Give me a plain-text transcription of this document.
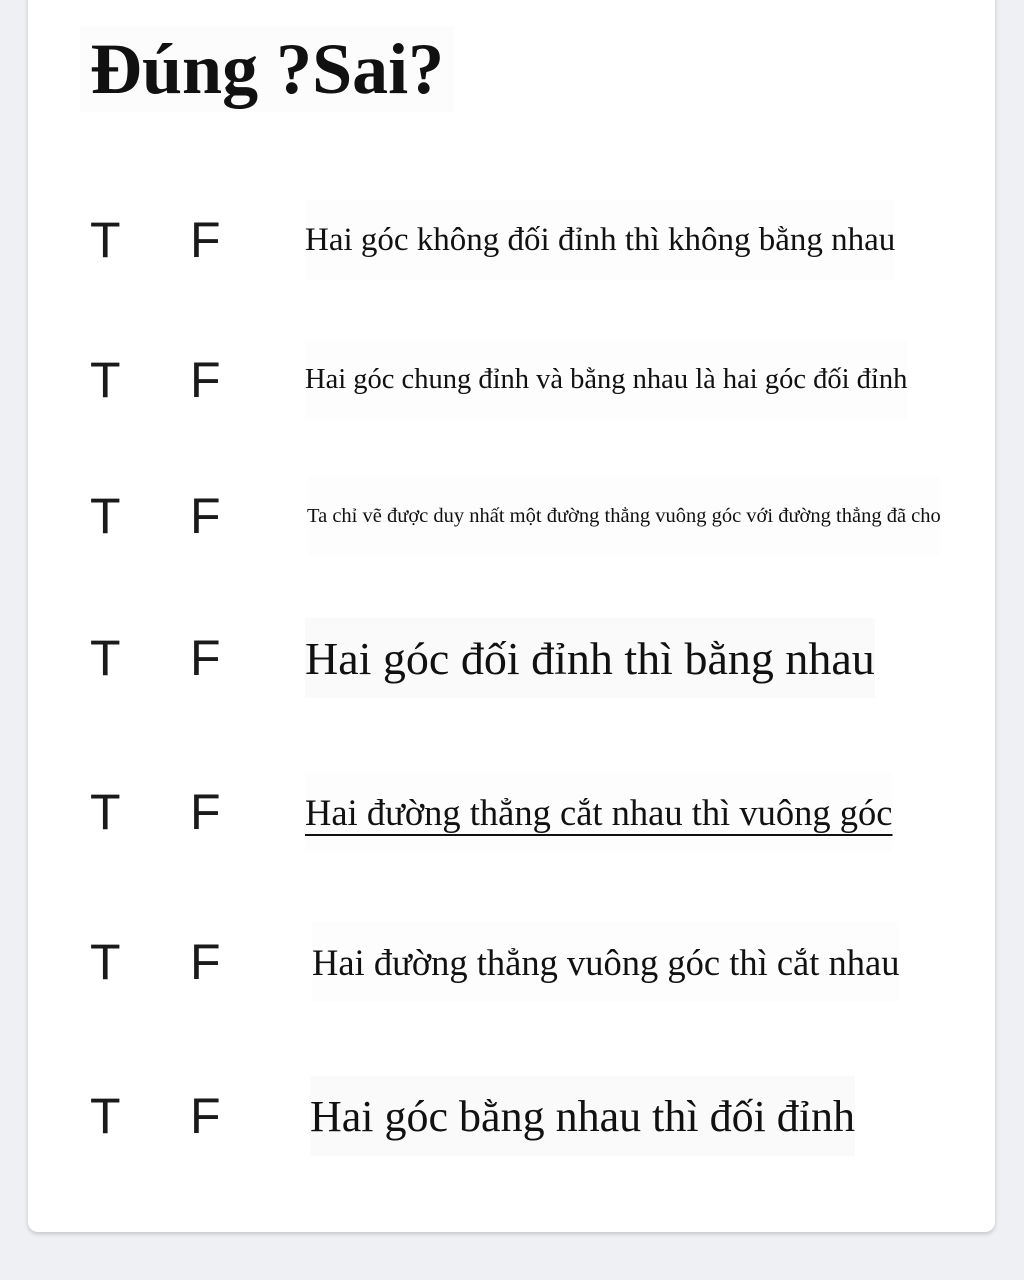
Đúng ?Sai?
T F	Hai góc không đối đỉnh thì không bằng nhau
T F	Hai góc chung đỉnh và bằng nhau là hai góc đối đỉnh
T F	Ta chỉ vẽ được duy nhất một đường thẳng vuông góc với đường thẳng đã cho
T F Hai góc đối đỉnh thì bằng nhau
T F Hai đường thẳng cắt nhau thì vuông góc
T F	Hai đường thẳng vuông góc thì cắt nhau
T F Hai góc bằng nhau thì đối đỉnh
